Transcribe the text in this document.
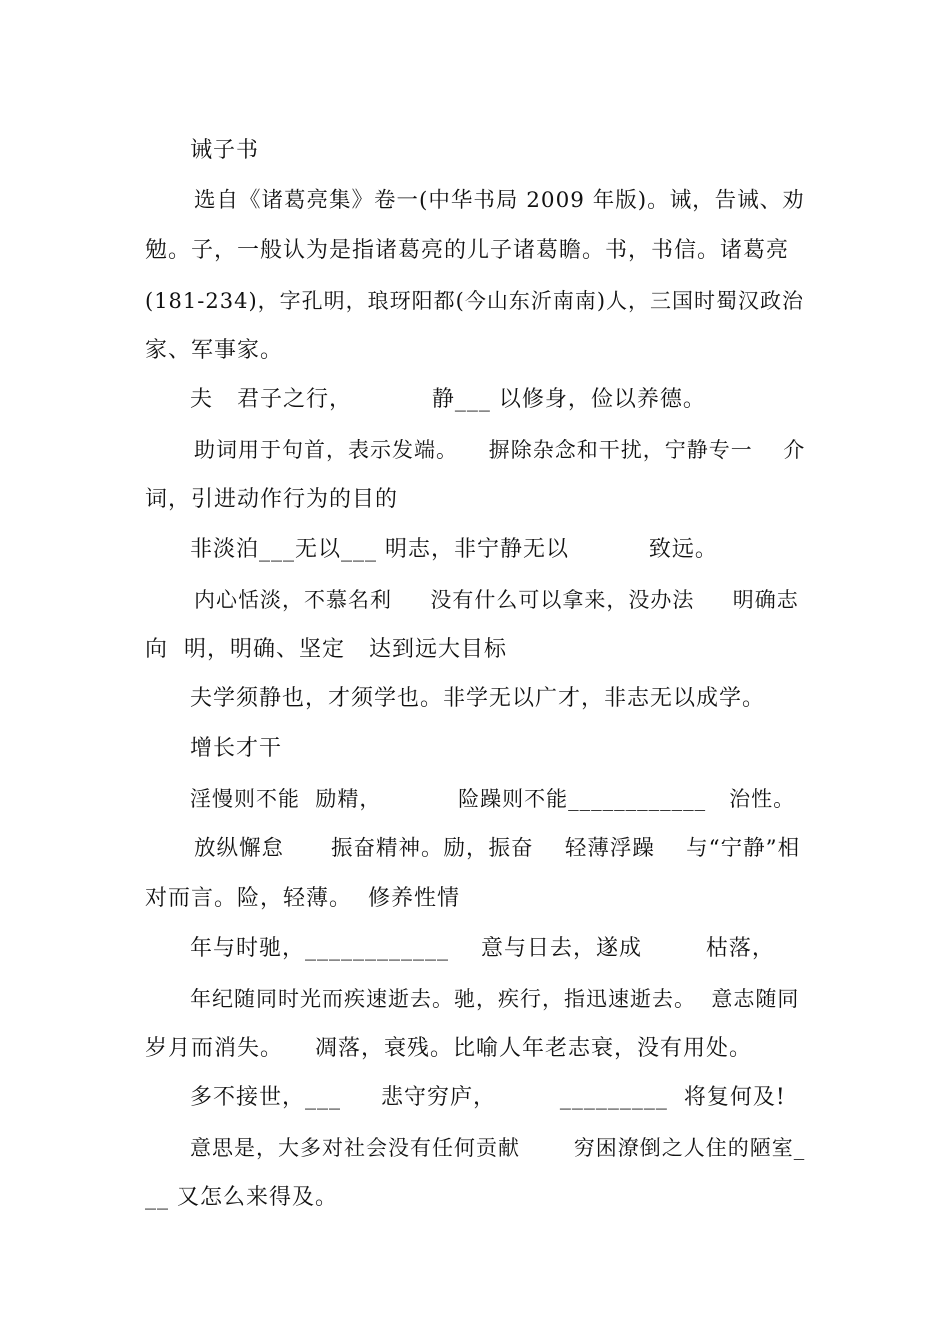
诫子书
选自《诸葛亮集》卷一(中华书局 2009 年版)。诫，告诫、劝
勉。子，一般认为是指诸葛亮的儿子诸葛瞻。书，书信。诸葛亮
(181-234)，字孔明，琅玡阳都(今山东沂南南)人，三国时蜀汉政治
家、军事家。
夫   君子之行，          静___ 以修身，俭以养德。
助词用于句首，表示发端。    摒除杂念和干扰，宁静专一    介
词，引进动作行为的目的
非淡泊___无以___ 明志，非宁静无以          致远。
内心恬淡，不慕名利     没有什么可以拿来，没办法     明确志
向  明，明确、坚定   达到远大目标
夫学须静也，才须学也。非学无以广才，非志无以成学。
增长才干
淫慢则不能  励精，          险躁则不能____________   治性。
放纵懈怠      振奋精神。励，振奋    轻薄浮躁    与“宁静”相
对而言。险，轻薄。  修养性情
年与时驰，____________    意与日去，遂成        枯落，
年纪随同时光而疾速逝去。驰，疾行，指迅速逝去。  意志随同
岁月而消失。    凋落，衰残。比喻人年老志衰，没有用处。
多不接世，___     悲守穷庐，        _________  将复何及!
意思是，大多对社会没有任何贡献       穷困潦倒之人住的陋室_
__ 又怎么来得及。
